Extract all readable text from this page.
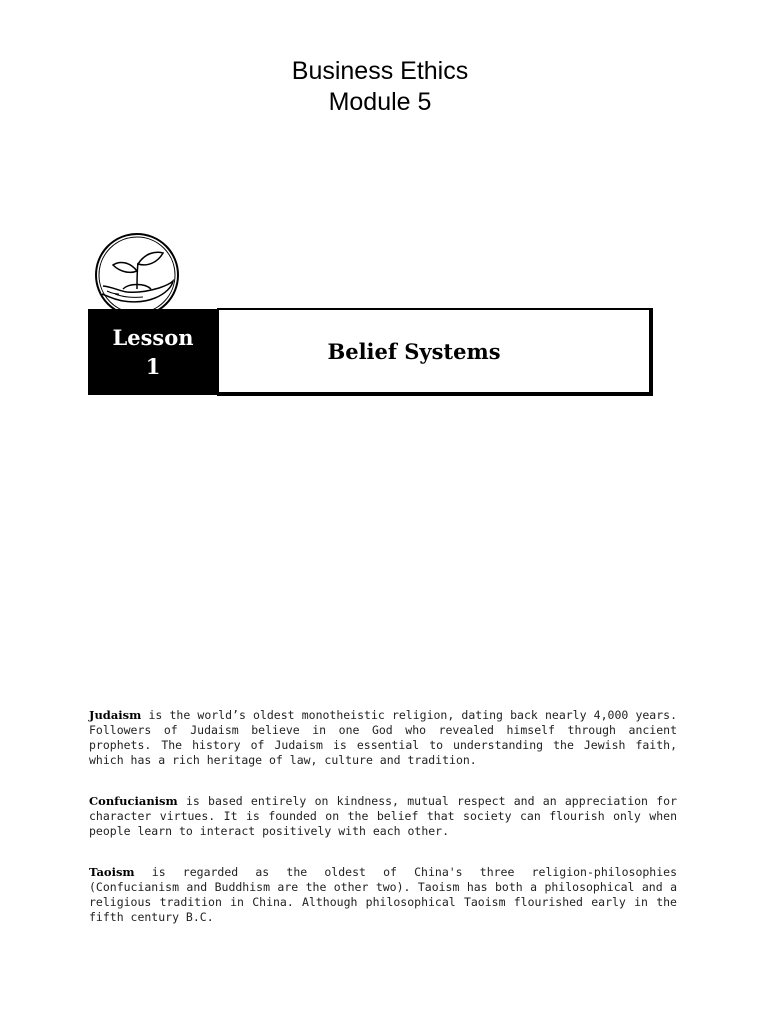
Business Ethics
Module 5
Lesson
1
Belief Systems

Judaism is the world’s oldest monotheistic religion, dating back nearly 4,000 years. Followers of Judaism believe in one God who revealed himself through ancient prophets. The history of Judaism is essential to understanding the Jewish faith, which has a rich heritage of law, culture and tradition.

Confucianism is based entirely on kindness, mutual respect and an appreciation for character virtues. It is founded on the belief that society can flourish only when people learn to interact positively with each other.

Taoism is regarded as the oldest of China's three religion-philosophies (Confucianism and Buddhism are the other two). Taoism has both a philosophical and a religious tradition in China. Although philosophical Taoism flourished early in the fifth century B.C.
